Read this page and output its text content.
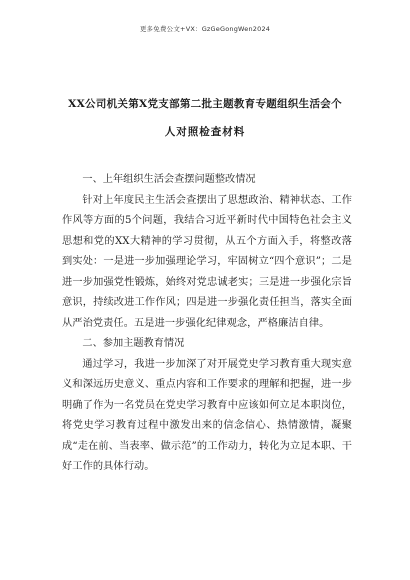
更多免费公文+VX：GzGeGongWen2024
XX公司机关第X党支部第二批主题教育专题组织生活会个
人对照检查材料

一、上年组织生活会查摆问题整改情况

针对上年度民主生活会查摆出了思想政治、精神状态、工作作风等方面的5个问题，我结合习近平新时代中国特色社会主义思想和党的XX大精神的学习贯彻，从五个方面入手，将整改落到实处：一是进一步加强理论学习，牢固树立“四个意识”；二是进一步加强党性锻炼，始终对党忠诚老实；三是进一步强化宗旨意识，持续改进工作作风；四是进一步强化责任担当，落实全面从严治党责任。五是进一步强化纪律观念，严格廉洁自律。

二、参加主题教育情况

通过学习，我进一步加深了对开展党史学习教育重大现实意义和深远历史意义、重点内容和工作要求的理解和把握，进一步明确了作为一名党员在党史学习教育中应该如何立足本职岗位，将党史学习教育过程中激发出来的信念信心、热情激情，凝聚成“走在前、当表率、做示范”的工作动力，转化为立足本职、干好工作的具体行动。
